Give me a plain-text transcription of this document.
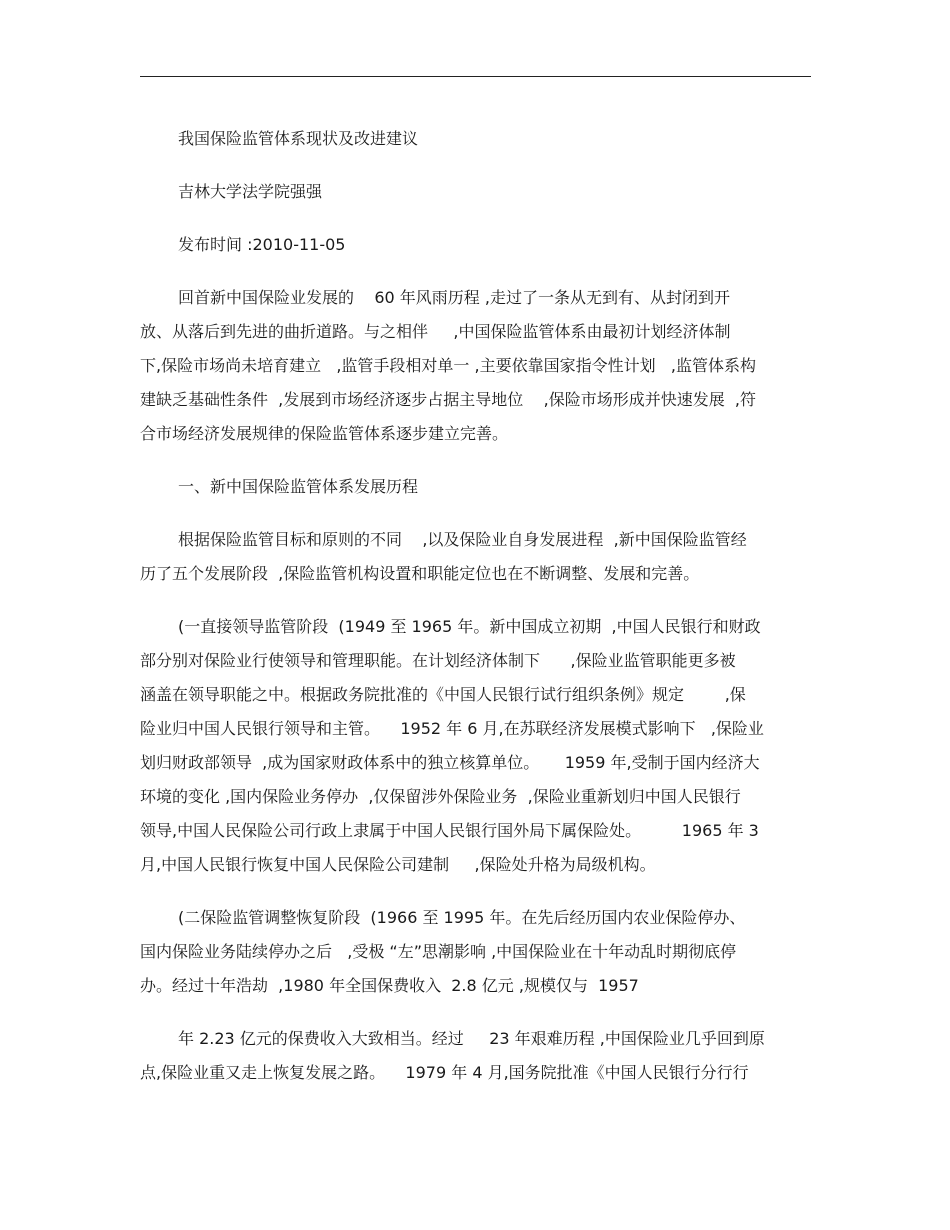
我国保险监管体系现状及改进建议
吉林大学法学院强强
发布时间 :2010-11-05
回首新中国保险业发展的    60 年风雨历程 ,走过了一条从无到有、从封闭到开
放、从落后到先进的曲折道路。与之相伴     ,中国保险监管体系由最初计划经济体制
下,保险市场尚未培育建立   ,监管手段相对单一 ,主要依靠国家指令性计划   ,监管体系构
建缺乏基础性条件  ,发展到市场经济逐步占据主导地位    ,保险市场形成并快速发展  ,符
合市场经济发展规律的保险监管体系逐步建立完善。
一、新中国保险监管体系发展历程
根据保险监管目标和原则的不同    ,以及保险业自身发展进程  ,新中国保险监管经
历了五个发展阶段  ,保险监管机构设置和职能定位也在不断调整、发展和完善。
(一直接领导监管阶段  (1949 至 1965 年。新中国成立初期  ,中国人民银行和财政
部分别对保险业行使领导和管理职能。在计划经济体制下      ,保险业监管职能更多被
涵盖在领导职能之中。根据政务院批准的《中国人民银行试行组织条例》规定        ,保
险业归中国人民银行领导和主管。    1952 年 6 月,在苏联经济发展模式影响下   ,保险业
划归财政部领导  ,成为国家财政体系中的独立核算单位。     1959 年,受制于国内经济大
环境的变化 ,国内保险业务停办  ,仅保留涉外保险业务  ,保险业重新划归中国人民银行
领导,中国人民保险公司行政上隶属于中国人民银行国外局下属保险处。        1965 年 3
月,中国人民银行恢复中国人民保险公司建制     ,保险处升格为局级机构。
(二保险监管调整恢复阶段  (1966 至 1995 年。在先后经历国内农业保险停办、
国内保险业务陆续停办之后   ,受极 “左”思潮影响 ,中国保险业在十年动乱时期彻底停
办。经过十年浩劫  ,1980 年全国保费收入  2.8 亿元 ,规模仅与  1957
年 2.23 亿元的保费收入大致相当。经过     23 年艰难历程 ,中国保险业几乎回到原
点,保险业重又走上恢复发展之路。    1979 年 4 月,国务院批准《中国人民银行分行行
